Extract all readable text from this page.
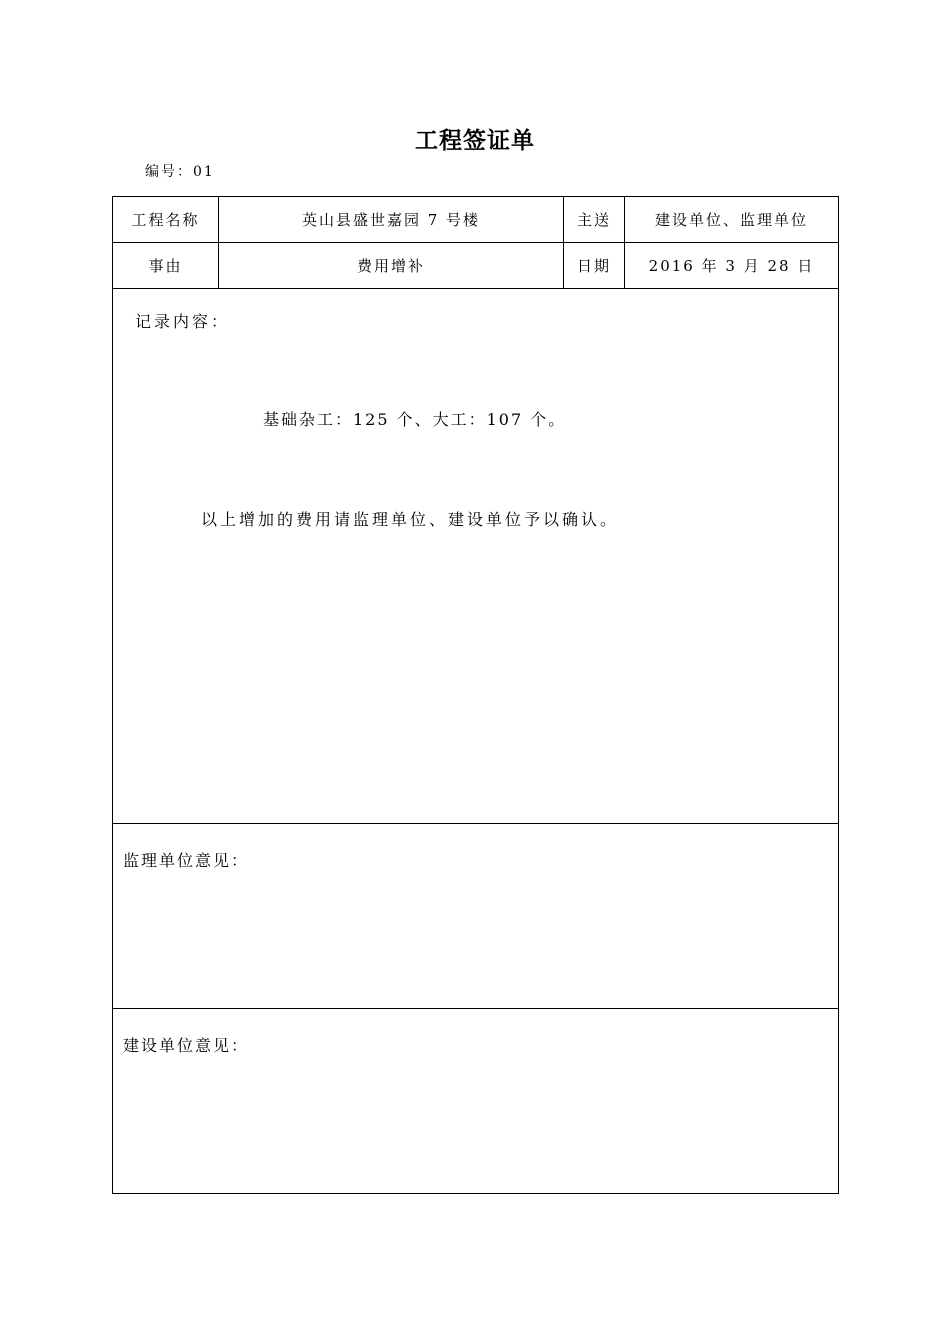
工程签证单
编号：01
工程名称	英山县盛世嘉园 7 号楼	主送	建设单位、监理单位
事由	费用增补	日期	2016 年 3 月 28 日

记录内容：
基础杂工：125 个、大工：107 个。
以上增加的费用请监理单位、建设单位予以确认。			

监理单位意见：			

建设单位意见：			
